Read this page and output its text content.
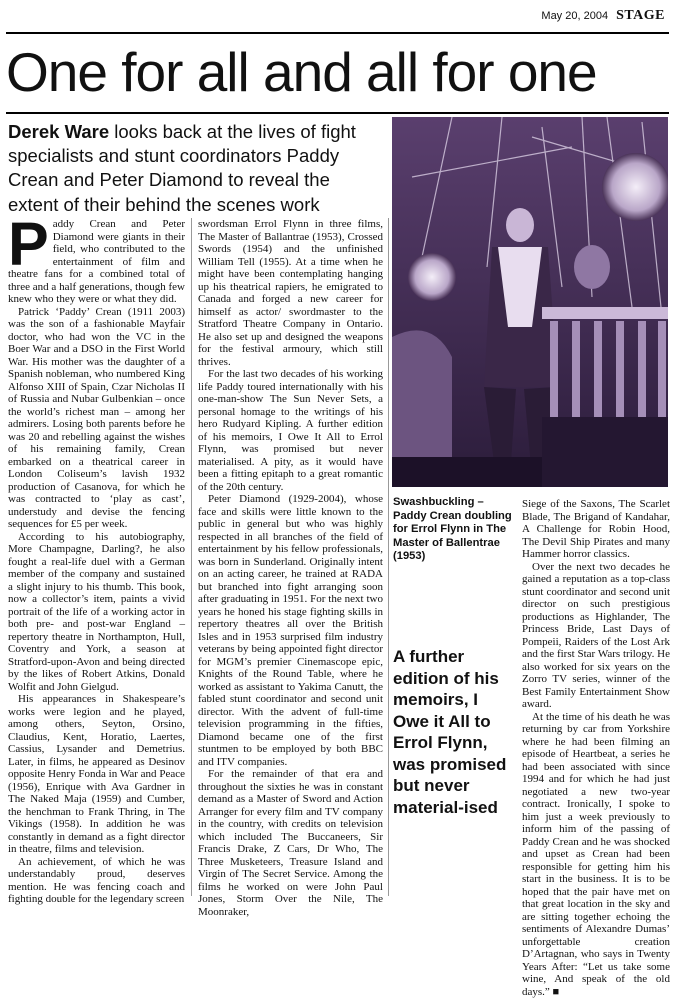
May 20, 2004 STAGE
One for all and all for one
Derek Ware looks back at the lives of fight specialists and stunt coordinators Paddy Crean and Peter Diamond to reveal the extent of their behind the scenes work
P addy Crean and Peter Diamond were giants in their field, who contributed to the entertainment of film and theatre fans for a combined total of three and a half generations, though few knew who they were or what they did.

Patrick ‘Paddy’ Crean (1911 2003) was the son of a fashionable Mayfair doctor, who had won the VC in the Boer War and a DSO in the First World War. His mother was the daughter of a Spanish nobleman, who numbered King Alfonso XIII of Spain, Czar Nicholas II of Russia and Nubar Gulbenkian – once the world’s richest man – among her admirers. Losing both parents before he was 20 and rebelling against the wishes of his remaining family, Crean embarked on a theatrical career in London Coliseum’s lavish 1932 production of Casanova, for which he was contracted to ‘play as cast’, understudy and devise the fencing sequences for £5 per week.

According to his autobiography, More Champagne, Darling?, he also fought a real-life duel with a German member of the company and sustained a slight injury to his thumb. This book, now a collector’s item, paints a vivid portrait of the life of a working actor in both pre- and post-war England – repertory theatre in Northampton, Hull, Coventry and York, a season at Stratford-upon-Avon and being directed by the likes of Robert Atkins, Donald Wolfit and John Gielgud.

His appearances in Shakespeare’s works were legion and he played, among others, Seyton, Orsino, Claudius, Kent, Horatio, Laertes, Cassius, Lysander and Demetrius. Later, in films, he appeared as Desinov opposite Henry Fonda in War and Peace (1956), Enrique with Ava Gardner in The Naked Maja (1959) and Cumber, the henchman to Frank Thring, in The Vikings (1958). In addition he was constantly in demand as a fight director in theatre, films and television.

An achievement, of which he was understandably proud, deserves mention. He was fencing coach and fighting double for the legendary screen

swordsman Errol Flynn in three films, The Master of Ballantrae (1953), Crossed Swords (1954) and the unfinished William Tell (1955). At a time when he might have been contemplating hanging up his theatrical rapiers, he emigrated to Canada and forged a new career for himself as actor/ swordmaster to the Stratford Theatre Company in Ontario. He also set up and designed the weapons for the festival armoury, which still thrives.

For the last two decades of his working life Paddy toured internationally with his one-man-show The Sun Never Sets, a personal homage to the writings of his hero Rudyard Kipling. A further edition of his memoirs, I Owe It All to Errol Flynn, was promised but never materialised. A pity, as it would have been a fitting epitaph to a great romantic of the 20th century.

Peter Diamond (1929-2004), whose face and skills were little known to the public in general but who was highly respected in all branches of the field of entertainment by his fellow professionals, was born in Sunderland. Originally intent on an acting career, he trained at RADA but branched into fight arranging soon after graduating in 1951. For the next two years he honed his stage fighting skills in repertory theatres all over the British Isles and in 1953 surprised film industry veterans by being appointed fight director for MGM’s premier Cinemascope epic, Knights of the Round Table, where he worked as assistant to Yakima Canutt, the fabled stunt coordinator and second unit director. With the advent of full-time television programming in the fifties, Diamond became one of the first stuntmen to be employed by both BBC and ITV companies.

For the remainder of that era and throughout the sixties he was in constant demand as a Master of Sword and Action Arranger for every film and TV company in the country, with credits on television which included The Buccaneers, Sir Francis Drake, Z Cars, Dr Who, The Three Musketeers, Treasure Island and Virgin of The Secret Service. Among the films he worked on were John Paul Jones, Storm Over the Nile, The Moonraker,

Swashbuckling – Paddy Crean doubling for Errol Flynn in The Master of Ballentrae (1953)
A further edition of his memoirs, I Owe it All to Errol Flynn, was promised but never material-ised

Siege of the Saxons, The Scarlet Blade, The Brigand of Kandahar, A Challenge for Robin Hood, The Devil Ship Pirates and many Hammer horror classics.

Over the next two decades he gained a reputation as a top-class stunt coordinator and second unit director on such prestigious productions as Highlander, The Princess Bride, Last Days of Pompeii, Raiders of the Lost Ark and the first Star Wars trilogy. He also worked for six years on the Zorro TV series, winner of the Best Family Entertainment Show award.

At the time of his death he was returning by car from Yorkshire where he had been filming an episode of Heartbeat, a series he had been associated with since 1994 and for which he had just negotiated a new two-year contract. Ironically, I spoke to him just a week previously to inform him of the passing of Paddy Crean and he was shocked and upset as Crean had been responsible for getting him his start in the business. It is to be hoped that the pair have met on that great location in the sky and are sitting together echoing the sentiments of Alexandre Dumas’ unforgettable creation D’Artagnan, who says in Twenty Years After: “Let us take some wine, And speak of the old days.” ■
